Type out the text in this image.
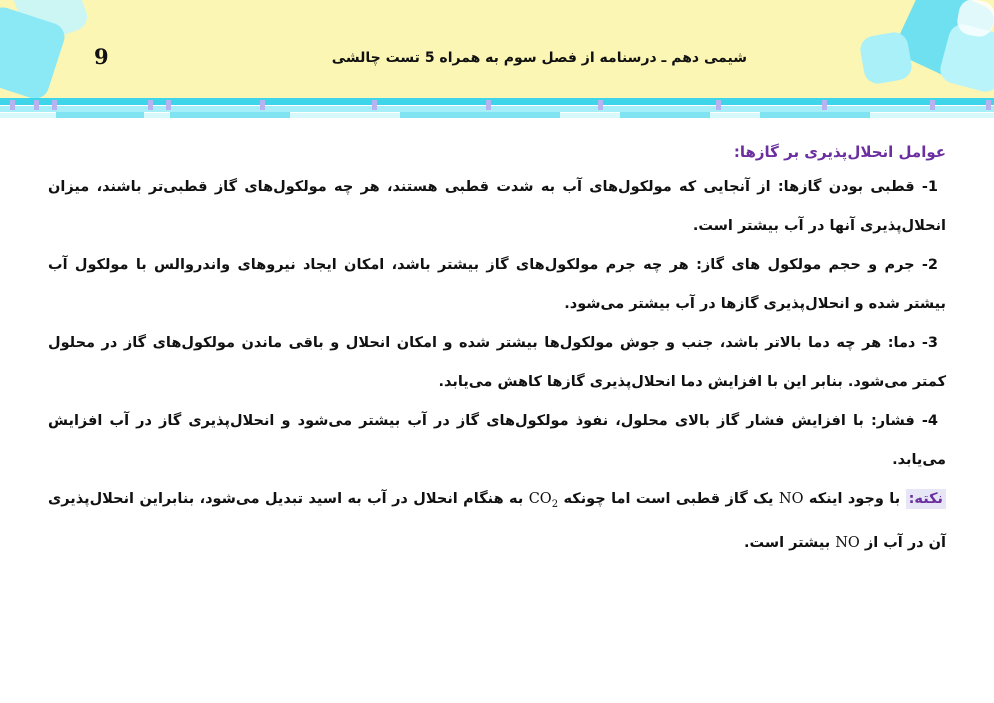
9	شیمی دهم ـ درسنامه از فصل سوم به همراه 5 تست چالشی

عوامل انحلال‌پذیری بر گازها:

1- قطبی بودن گازها: از آنجایی که مولکول‌های آب به شدت قطبی هستند، هر چه مولکول‌های گاز قطبی‌تر باشند، میزان انحلال‌پذیری آنها در آب بیشتر است.

2- جرم و حجم مولکول های گاز: هر چه جرم مولکول‌های گاز بیشتر باشد، امکان ایجاد نیروهای واندروالس با مولکول آب بیشتر شده و انحلال‌پذیری گازها در آب بیشتر می‌شود.

3- دما: هر چه دما بالاتر باشد، جنب و جوش مولکول‌ها بیشتر شده و امکان انحلال و باقی ماندن مولکول‌های گاز در محلول کمتر می‌شود. بنابر این با افزایش دما انحلال‌پذیری گازها کاهش می‌یابد.

4- فشار: با افزایش فشار گاز بالای محلول، نفوذ مولکول‌های گاز در آب بیشتر می‌شود و انحلال‌پذیری گاز در آب افزایش می‌یابد.

نکته: با وجود اینکه NO یک گاز قطبی است اما چونکه $CO_2$ به هنگام انحلال در آب به اسید تبدیل می‌شود، بنابراین انحلال‌پذیری آن در آب از NO بیشتر است.
